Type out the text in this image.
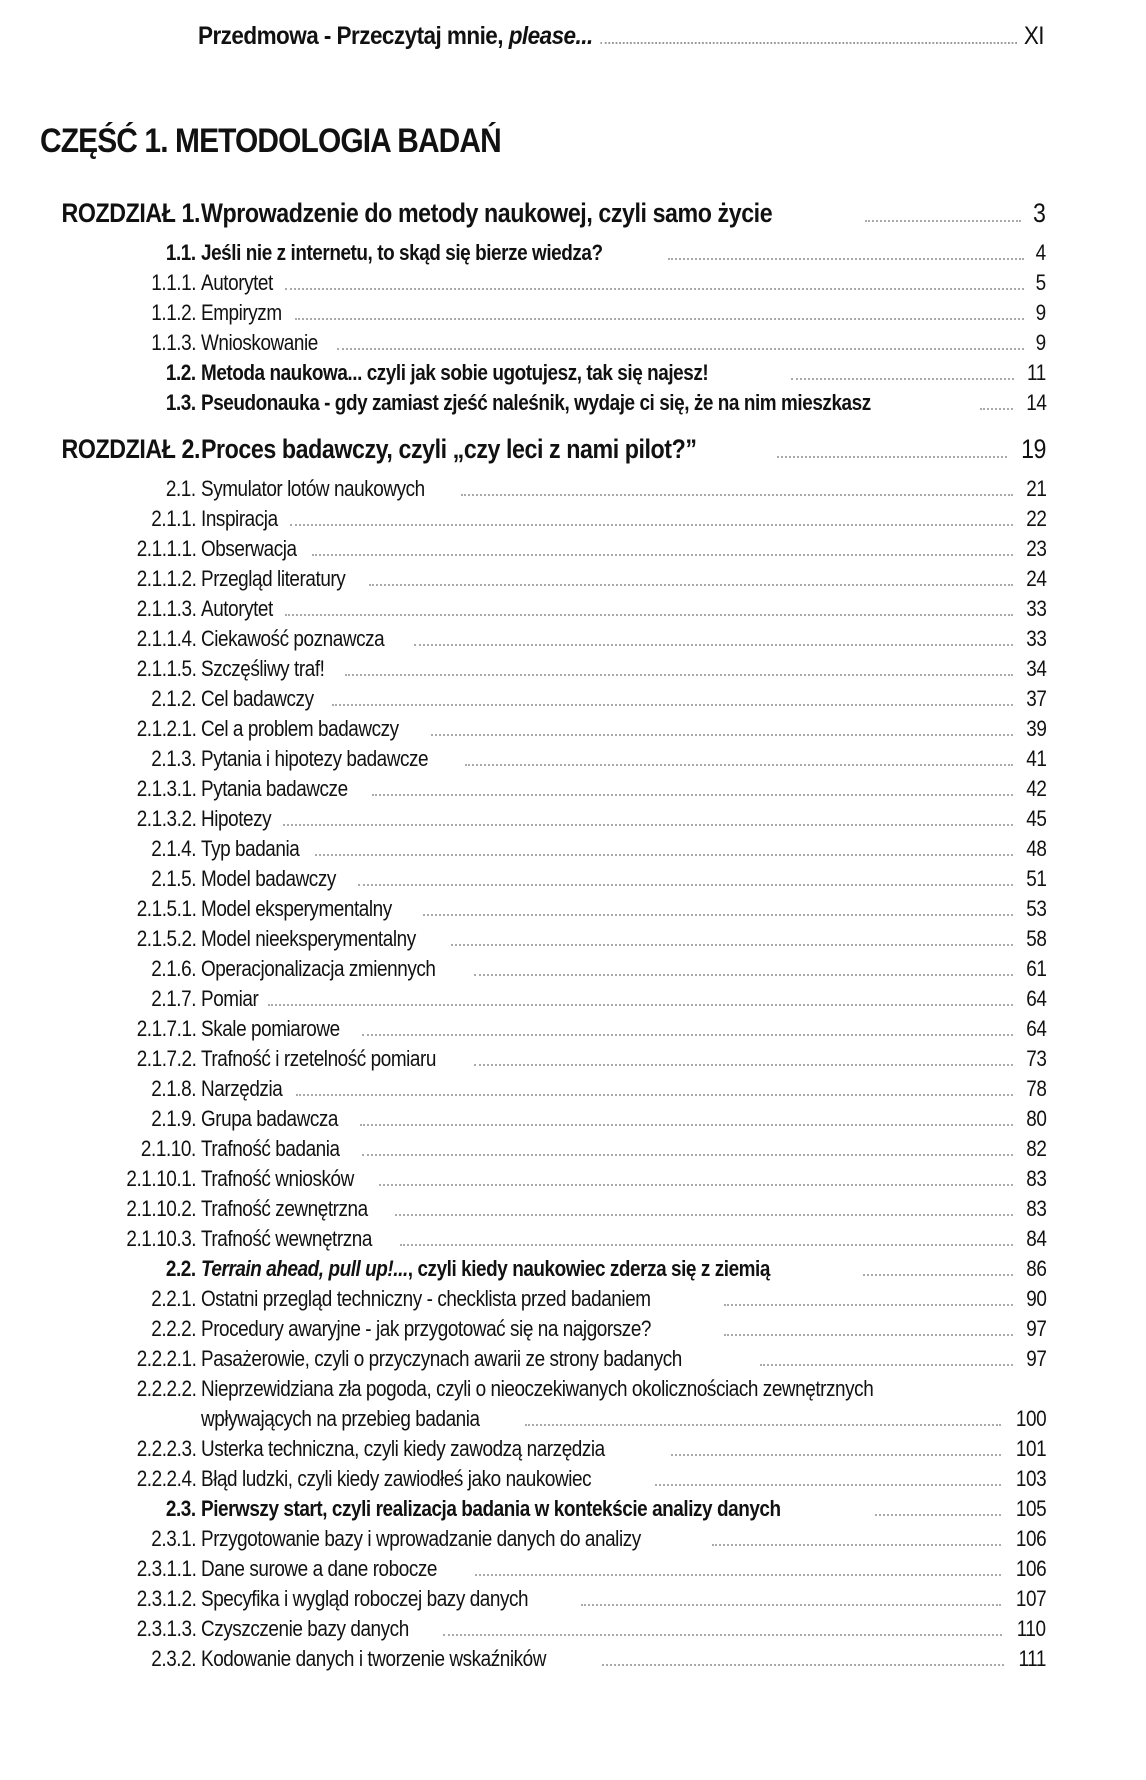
Przedmowa - Przeczytaj mnie, please...	XI
CZĘŚĆ 1. METODOLOGIA BADAŃ
ROZDZIAŁ 1. Wprowadzenie do metody naukowej, czyli samo życie	3
1.1. Jeśli nie z internetu, to skąd się bierze wiedza?	4
1.1.1. Autorytet	5
1.1.2. Empiryzm	9
1.1.3. Wnioskowanie	9
1.2. Metoda naukowa... czyli jak sobie ugotujesz, tak się najesz!	11
1.3. Pseudonauka - gdy zamiast zjeść naleśnik, wydaje ci się, że na nim mieszkasz	14
ROZDZIAŁ 2. Proces badawczy, czyli „czy leci z nami pilot?”	19
2.1. Symulator lotów naukowych	21
2.1.1. Inspiracja	22
2.1.1.1. Obserwacja	23
2.1.1.2. Przegląd literatury	24
2.1.1.3. Autorytet	33
2.1.1.4. Ciekawość poznawcza	33
2.1.1.5. Szczęśliwy traf!	34
2.1.2. Cel badawczy	37
2.1.2.1. Cel a problem badawczy	39
2.1.3. Pytania i hipotezy badawcze	41
2.1.3.1. Pytania badawcze	42
2.1.3.2. Hipotezy	45
2.1.4. Typ badania	48
2.1.5. Model badawczy	51
2.1.5.1. Model eksperymentalny	53
2.1.5.2. Model nieeksperymentalny	58
2.1.6. Operacjonalizacja zmiennych	61
2.1.7. Pomiar	64
2.1.7.1. Skale pomiarowe	64
2.1.7.2. Trafność i rzetelność pomiaru	73
2.1.8. Narzędzia	78
2.1.9. Grupa badawcza	80
2.1.10. Trafność badania	82
2.1.10.1. Trafność wniosków	83
2.1.10.2. Trafność zewnętrzna	83
2.1.10.3. Trafność wewnętrzna	84
2.2. Terrain ahead, pull up!..., czyli kiedy naukowiec zderza się z ziemią	86
2.2.1. Ostatni przegląd techniczny - checklista przed badaniem	90
2.2.2. Procedury awaryjne - jak przygotować się na najgorsze?	97
2.2.2.1. Pasażerowie, czyli o przyczynach awarii ze strony badanych	97
2.2.2.2. Nieprzewidziana zła pogoda, czyli o nieoczekiwanych okolicznościach zewnętrznych
wpływających na przebieg badania	100
2.2.2.3. Usterka techniczna, czyli kiedy zawodzą narzędzia	101
2.2.2.4. Błąd ludzki, czyli kiedy zawiodłeś jako naukowiec	103
2.3. Pierwszy start, czyli realizacja badania w kontekście analizy danych	105
2.3.1. Przygotowanie bazy i wprowadzanie danych do analizy	106
2.3.1.1. Dane surowe a dane robocze	106
2.3.1.2. Specyfika i wygląd roboczej bazy danych	107
2.3.1.3. Czyszczenie bazy danych	110
2.3.2. Kodowanie danych i tworzenie wskaźników	111
